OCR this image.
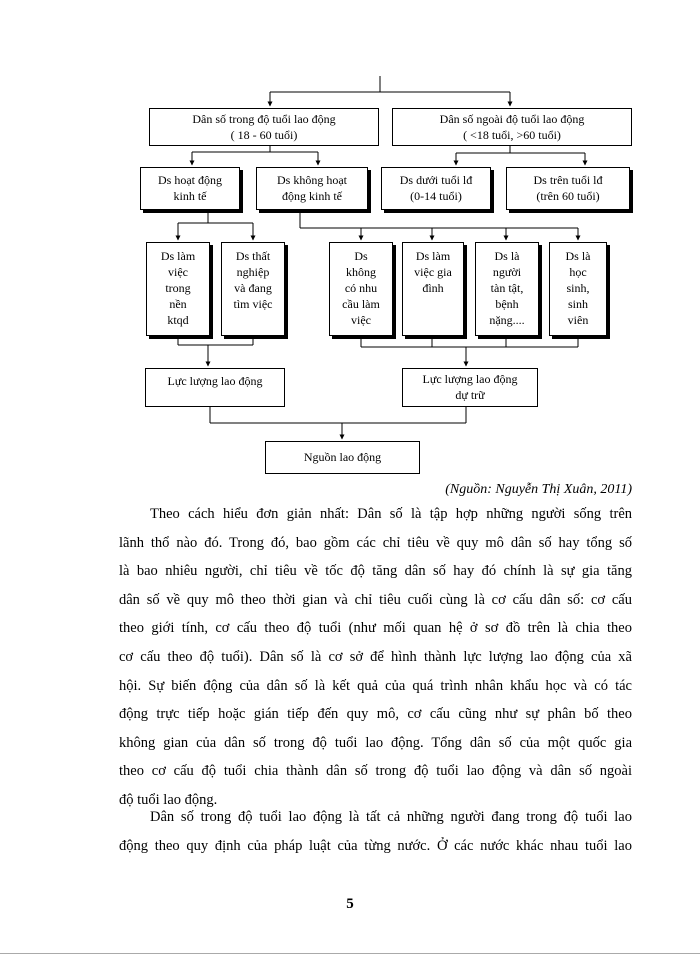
Dân số trong độ tuổi lao động
( 18 - 60 tuổi)
Dân số ngoài độ tuổi lao động
( <18 tuổi, >60 tuổi)
Ds hoạt động
kinh tế
Ds không hoạt
động kinh tế
Ds dưới tuổi lđ
(0-14 tuổi)
Ds trên tuổi lđ
(trên 60 tuổi)
Ds làm
việc
trong
nền
ktqd
Ds thất
nghiệp
và đang
tìm việc
Ds
không
có nhu
cầu làm
việc
Ds làm
việc gia
đình
Ds là
người
tàn tật,
bệnh
nặng....
Ds là
học
sinh,
sinh
viên
Lực lượng lao động	Lực lượng lao động
dự trữ
Nguồn lao động
(Nguồn: Nguyễn Thị Xuân, 2011)
Theo cách hiểu đơn giản nhất: Dân số là tập hợp những người sống trên
lãnh thổ nào đó. Trong đó, bao gồm các chỉ tiêu về quy mô dân số hay tổng số
là bao nhiêu người, chỉ tiêu về tốc độ tăng dân số hay đó chính là sự gia tăng
dân số về quy mô theo thời gian và chỉ tiêu cuối cùng là cơ cấu dân số: cơ cấu
theo giới tính, cơ cấu theo độ tuổi (như mối quan hệ ở sơ đồ trên là chia theo
cơ cấu theo độ tuổi). Dân số là cơ sở để hình thành lực lượng lao động của xã
hội. Sự biến động của dân số là kết quả của quá trình nhân khẩu học và có tác
động trực tiếp hoặc gián tiếp đến quy mô, cơ cấu cũng như sự phân bố theo
không gian của dân số trong độ tuổi lao động. Tổng dân số của một quốc gia
theo cơ cấu độ tuổi chia thành dân số trong độ tuổi lao động và dân số ngoài
độ tuổi lao động.
Dân số trong độ tuổi lao động là tất cả những người đang trong độ tuổi lao
động theo quy định của pháp luật của từng nước. Ở các nước khác nhau tuổi lao
5
